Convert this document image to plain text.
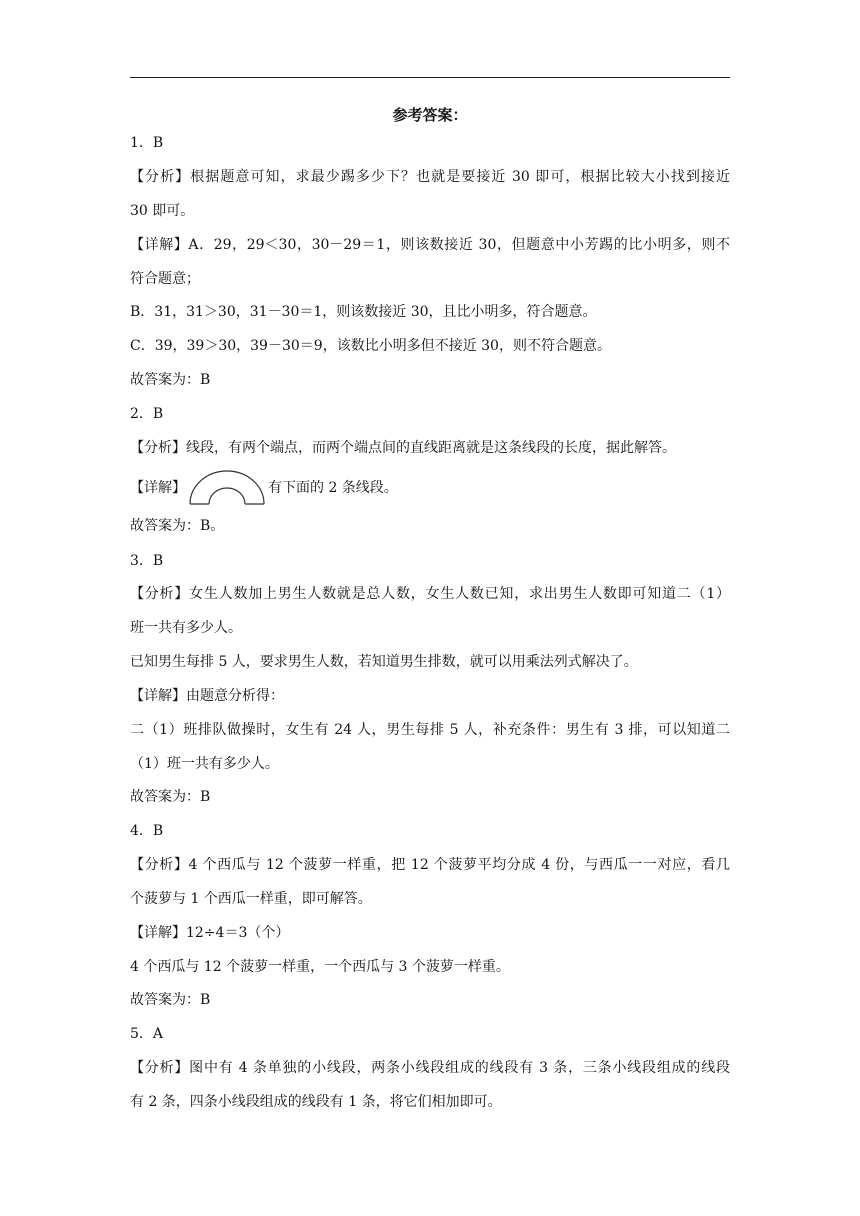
参考答案：
1．B
【分析】根据题意可知，求最少踢多少下？也就是要接近 30 即可，根据比较大小找到接近
30 即可。
【详解】A．29，29＜30，30－29＝1，则该数接近 30，但题意中小芳踢的比小明多，则不
符合题意；
B．31，31＞30，31－30＝1，则该数接近 30，且比小明多，符合题意。
C．39，39＞30，39－30＝9，该数比小明多但不接近 30，则不符合题意。
故答案为：B
2．B
【分析】线段，有两个端点，而两个端点间的直线距离就是这条线段的长度，据此解答。
【详解】	有下面的 2 条线段。
故答案为：B。
3．B
【分析】女生人数加上男生人数就是总人数，女生人数已知，求出男生人数即可知道二（1）
班一共有多少人。
已知男生每排 5 人，要求男生人数，若知道男生排数，就可以用乘法列式解决了。
【详解】由题意分析得：
二（1）班排队做操时，女生有 24 人，男生每排 5 人，补充条件：男生有 3 排，可以知道二
（1）班一共有多少人。
故答案为：B
4．B
【分析】4 个西瓜与 12 个菠萝一样重，把 12 个菠萝平均分成 4 份，与西瓜一一对应，看几
个菠萝与 1 个西瓜一样重，即可解答。
【详解】12÷4＝3（个）
4 个西瓜与 12 个菠萝一样重，一个西瓜与 3 个菠萝一样重。
故答案为：B
5．A
【分析】图中有 4 条单独的小线段，两条小线段组成的线段有 3 条，三条小线段组成的线段
有 2 条，四条小线段组成的线段有 1 条，将它们相加即可。
